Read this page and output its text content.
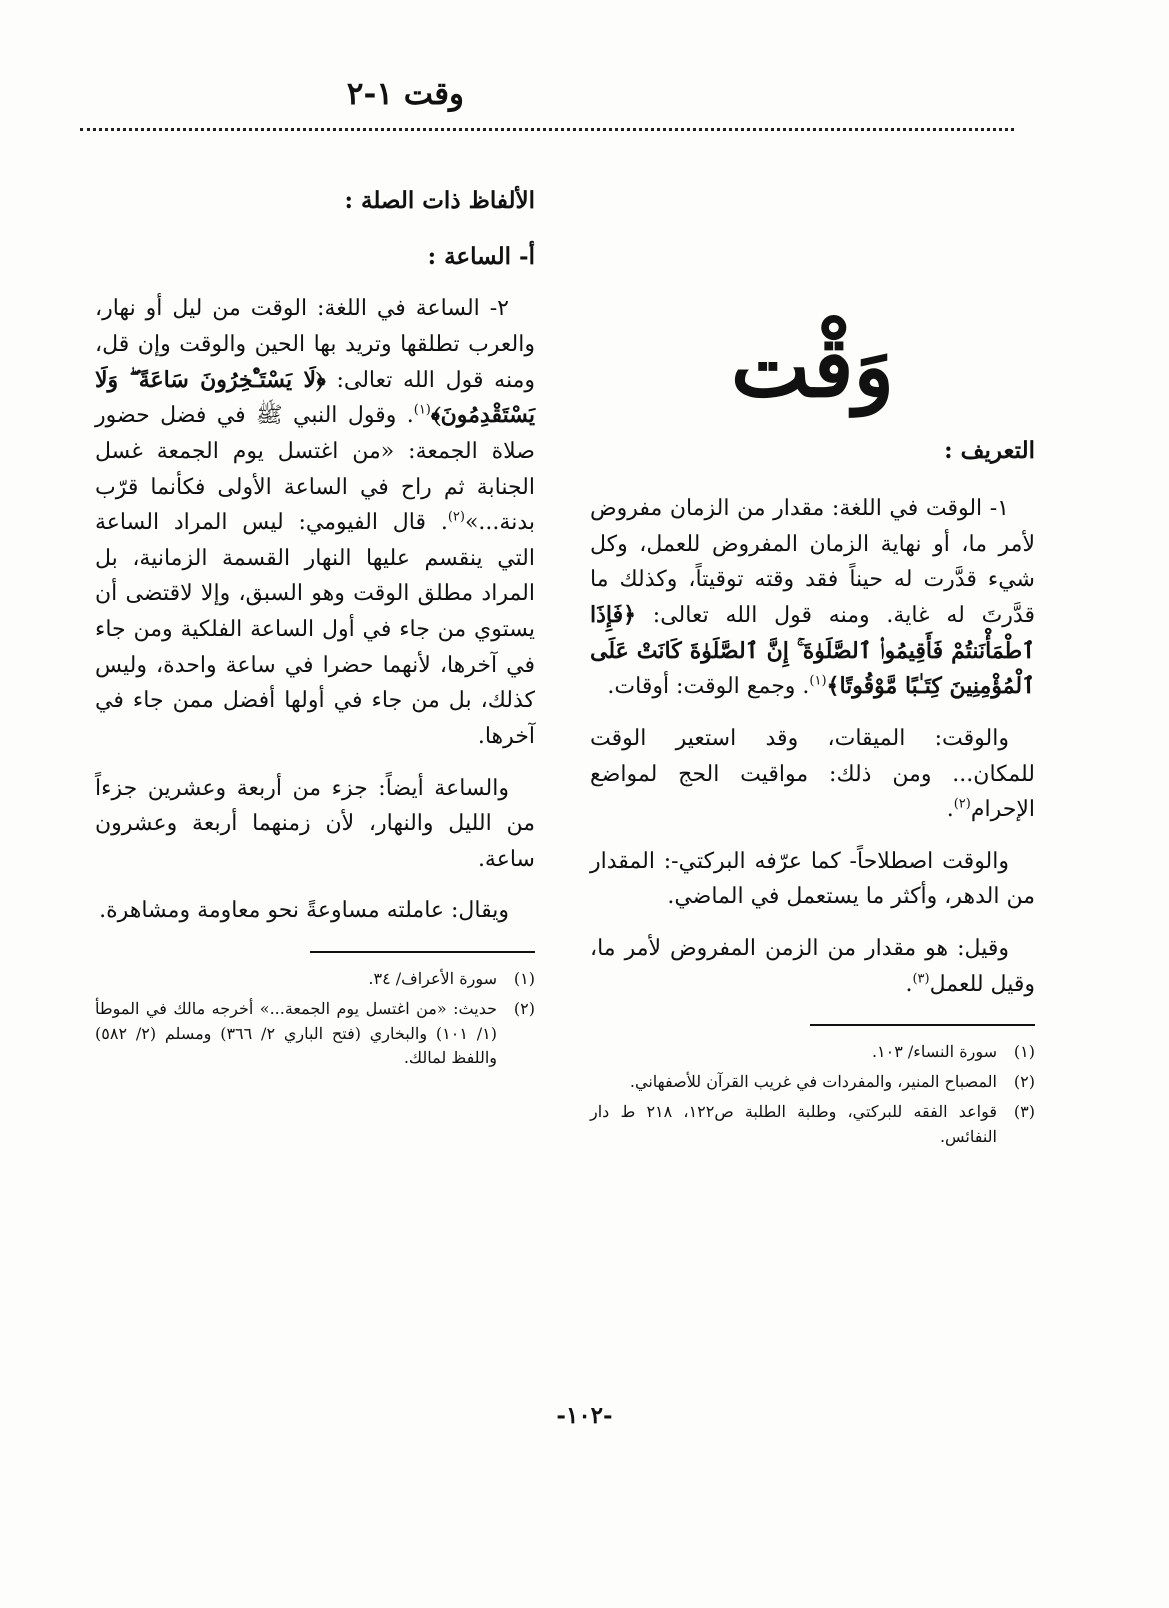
وقت ١-٢
وَقْت
التعريف :

١- الوقت في اللغة: مقدار من الزمان مفروض لأمر ما، أو نهاية الزمان المفروض للعمل، وكل شيء قدَّرت له حيناً فقد وقته توقيتاً، وكذلك ما قدَّرتَ له غاية. ومنه قول الله تعالى: ﴿فَإِذَا ٱطْمَأْنَنتُمْ فَأَقِيمُوا۟ ٱلصَّلَوٰةَ ۚ إِنَّ ٱلصَّلَوٰةَ كَانَتْ عَلَى ٱلْمُؤْمِنِينَ كِتَـٰبًا مَّوْقُوتًا﴾$^{(١)}$. وجمع الوقت: أوقات.

والوقت: الميقات، وقد استعير الوقت للمكان... ومن ذلك: مواقيت الحج لمواضع الإحرام$^{(٢)}$.

والوقت اصطلاحاً- كما عرّفه البركتي-: المقدار من الدهر، وأكثر ما يستعمل في الماضي.

وقيل: هو مقدار من الزمن المفروض لأمر ما، وقيل للعمل$^{(٣)}$.

(١)
سورة النساء/ ١٠٣.
(٢)
المصباح المنير، والمفردات في غريب القرآن للأصفهاني.
(٣)
قواعد الفقه للبركتي، وطلبة الطلبة ص١٢٢، ٢١٨ ط دار النفائس.
الألفاظ ذات الصلة :
أ- الساعة :

٢- الساعة في اللغة: الوقت من ليل أو نهار، والعرب تطلقها وتريد بها الحين والوقت وإن قل، ومنه قول الله تعالى: ﴿لَا يَسْتَـْٔخِرُونَ سَاعَةً ۖ وَلَا يَسْتَقْدِمُونَ﴾$^{(١)}$. وقول النبي ﷺ في فضل حضور صلاة الجمعة: «من اغتسل يوم الجمعة غسل الجنابة ثم راح في الساعة الأولى فكأنما قرّب بدنة...»$^{(٢)}$. قال الفيومي: ليس المراد الساعة التي ينقسم عليها النهار القسمة الزمانية، بل المراد مطلق الوقت وهو السبق، وإلا لاقتضى أن يستوي من جاء في أول الساعة الفلكية ومن جاء في آخرها، لأنهما حضرا في ساعة واحدة، وليس كذلك، بل من جاء في أولها أفضل ممن جاء في آخرها.

والساعة أيضاً: جزء من أربعة وعشرين جزءاً من الليل والنهار، لأن زمنهما أربعة وعشرون ساعة.

ويقال: عاملته مساوعةً نحو معاومة ومشاهرة.

(١)
سورة الأعراف/ ٣٤.
(٢)
حديث: «من اغتسل يوم الجمعة...» أخرجه مالك في الموطأ (١/ ١٠١) والبخاري (فتح الباري ٢/ ٣٦٦) ومسلم (٢/ ٥٨٢) واللفظ لمالك.
-١٠٢-
